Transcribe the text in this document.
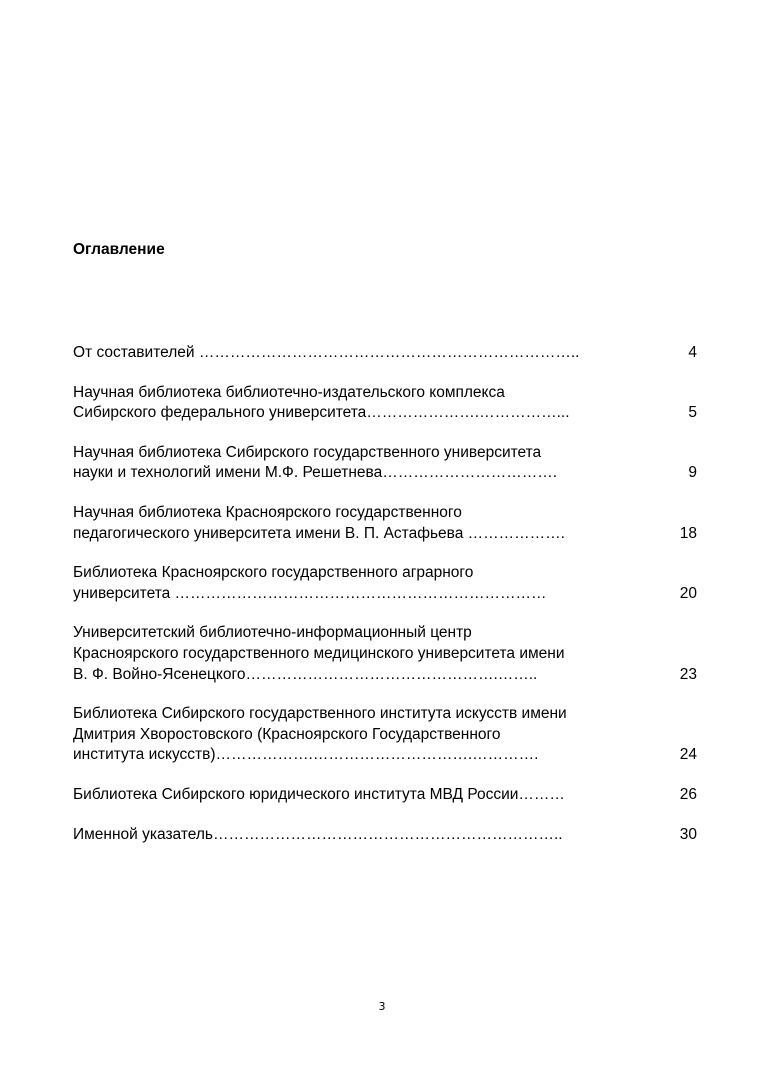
Оглавление
От составителей ………………………………………………………………..	4
Научная библиотека библиотечно-издательского комплекса
Сибирского федерального университета………………….……………...	5
Научная библиотека Сибирского государственного университета
науки и технологий имени М.Ф. Решетнева…………………………….	9
Научная библиотека Красноярского государственного
педагогического университета имени В. П. Астафьева ……………….	18
Библиотека Красноярского государственного аграрного
университета ………………………………………………………………	20
Университетский библиотечно-информационный центр
Красноярского государственного медицинского университета имени
В. Ф. Войно-Ясенецкого………………………………………….……..	23
Библиотека Сибирского государственного института искусств имени
Дмитрия Хворостовского (Красноярского Государственного
института искусств)……………….………………………….………….	24
Библиотека Сибирского юридического института МВД России………	26
Именной указатель…………………………………………………………..	30

3
